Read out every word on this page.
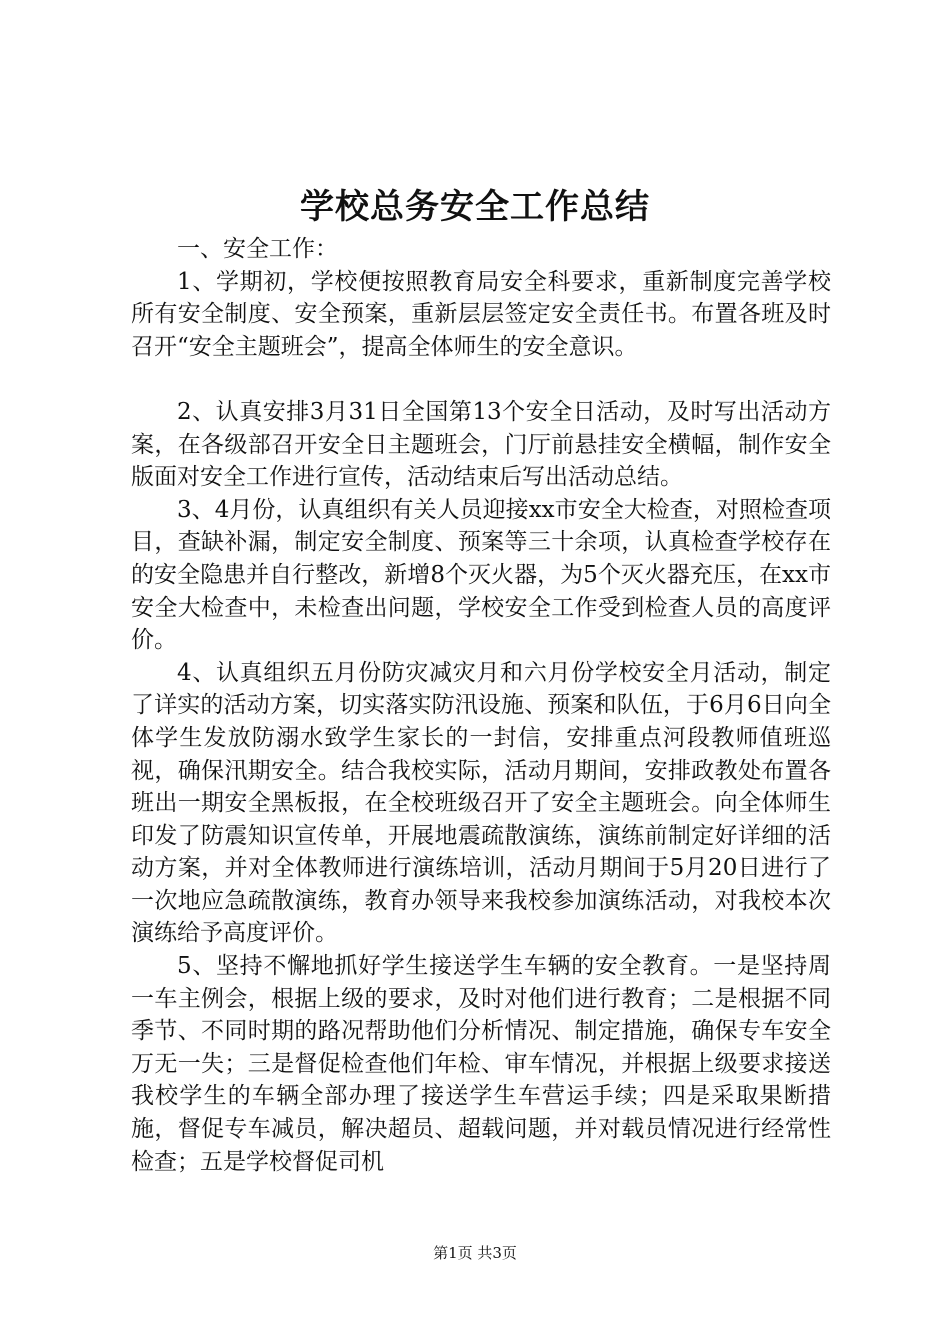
学校总务安全工作总结

一、安全工作：

1、学期初，学校便按照教育局安全科要求，重新制度完善学校所有安全制度、安全预案，重新层层签定安全责任书。布置各班及时召开“安全主题班会”，提高全体师生的安全意识。

2、认真安排3月31日全国第13个安全日活动，及时写出活动方案，在各级部召开安全日主题班会，门厅前悬挂安全横幅，制作安全版面对安全工作进行宣传，活动结束后写出活动总结。

3、4月份，认真组织有关人员迎接xx市安全大检查，对照检查项目，查缺补漏，制定安全制度、预案等三十余项，认真检查学校存在的安全隐患并自行整改，新增8个灭火器，为5个灭火器充压，在xx市安全大检查中，未检查出问题，学校安全工作受到检查人员的高度评价。

4、认真组织五月份防灾减灾月和六月份学校安全月活动，制定了详实的活动方案，切实落实防汛设施、预案和队伍，于6月6日向全体学生发放防溺水致学生家长的一封信，安排重点河段教师值班巡视，确保汛期安全。结合我校实际，活动月期间，安排政教处布置各班出一期安全黑板报，在全校班级召开了安全主题班会。向全体师生印发了防震知识宣传单，开展地震疏散演练，演练前制定好详细的活动方案，并对全体教师进行演练培训，活动月期间于5月20日进行了一次地应急疏散演练，教育办领导来我校参加演练活动，对我校本次演练给予高度评价。

5、坚持不懈地抓好学生接送学生车辆的安全教育。一是坚持周一车主例会，根据上级的要求，及时对他们进行教育；二是根据不同季节、不同时期的路况帮助他们分析情况、制定措施，确保专车安全万无一失；三是督促检查他们年检、审车情况，并根据上级要求接送我校学生的车辆全部办理了接送学生车营运手续；四是采取果断措施，督促专车减员，解决超员、超载问题，并对载员情况进行经常性检查；五是学校督促司机

第1页 共3页
